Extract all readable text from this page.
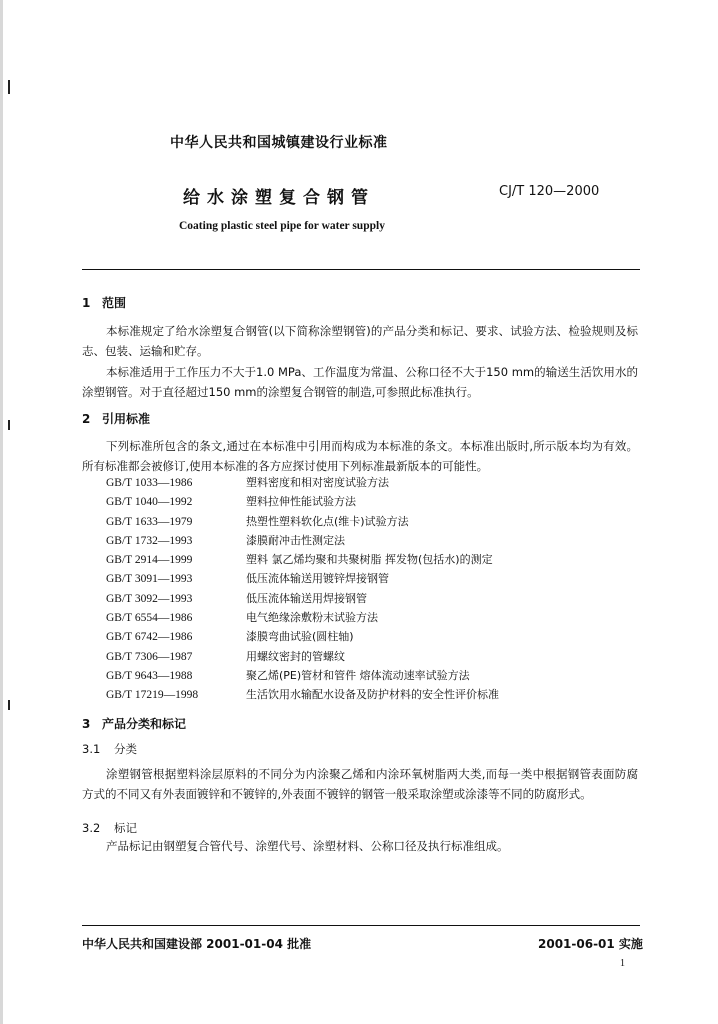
中华人民共和国城镇建设行业标准
给水涂塑复合钢管	CJ/T 120—2000
Coating plastic steel pipe for water supply
1 范围
本标准规定了给水涂塑复合钢管(以下简称涂塑钢管)的产品分类和标记、要求、试验方法、检验规则及标志、包装、运输和贮存。
本标准适用于工作压力不大于1.0 MPa、工作温度为常温、公称口径不大于150 mm的输送生活饮用水的涂塑钢管。对于直径超过150 mm的涂塑复合钢管的制造,可参照此标准执行。
2 引用标准
下列标准所包含的条文,通过在本标准中引用而构成为本标准的条文。本标准出版时,所示版本均为有效。所有标准都会被修订,使用本标准的各方应探讨使用下列标准最新版本的可能性。
GB/T 1033—1986	塑料密度和相对密度试验方法
GB/T 1040—1992	塑料拉伸性能试验方法
GB/T 1633—1979	热塑性塑料软化点(维卡)试验方法
GB/T 1732—1993	漆膜耐冲击性测定法
GB/T 2914—1999	塑料 氯乙烯均聚和共聚树脂 挥发物(包括水)的测定
GB/T 3091—1993	低压流体输送用镀锌焊接钢管
GB/T 3092—1993	低压流体输送用焊接钢管
GB/T 6554—1986	电气绝缘涂敷粉末试验方法
GB/T 6742—1986	漆膜弯曲试验(圆柱轴)
GB/T 7306—1987	用螺纹密封的管螺纹
GB/T 9643—1988	聚乙烯(PE)管材和管件 熔体流动速率试验方法
GB/T 17219—1998	生活饮用水输配水设备及防护材料的安全性评价标准
3 产品分类和标记
3.1 分类
涂塑钢管根据塑料涂层原料的不同分为内涂聚乙烯和内涂环氧树脂两大类,而每一类中根据钢管表面防腐方式的不同又有外表面镀锌和不镀锌的,外表面不镀锌的钢管一般采取涂塑或涂漆等不同的防腐形式。
3.2 标记
产品标记由钢塑复合管代号、涂塑代号、涂塑材料、公称口径及执行标准组成。
中华人民共和国建设部 2001-01-04 批准	2001-06-01 实施
1
